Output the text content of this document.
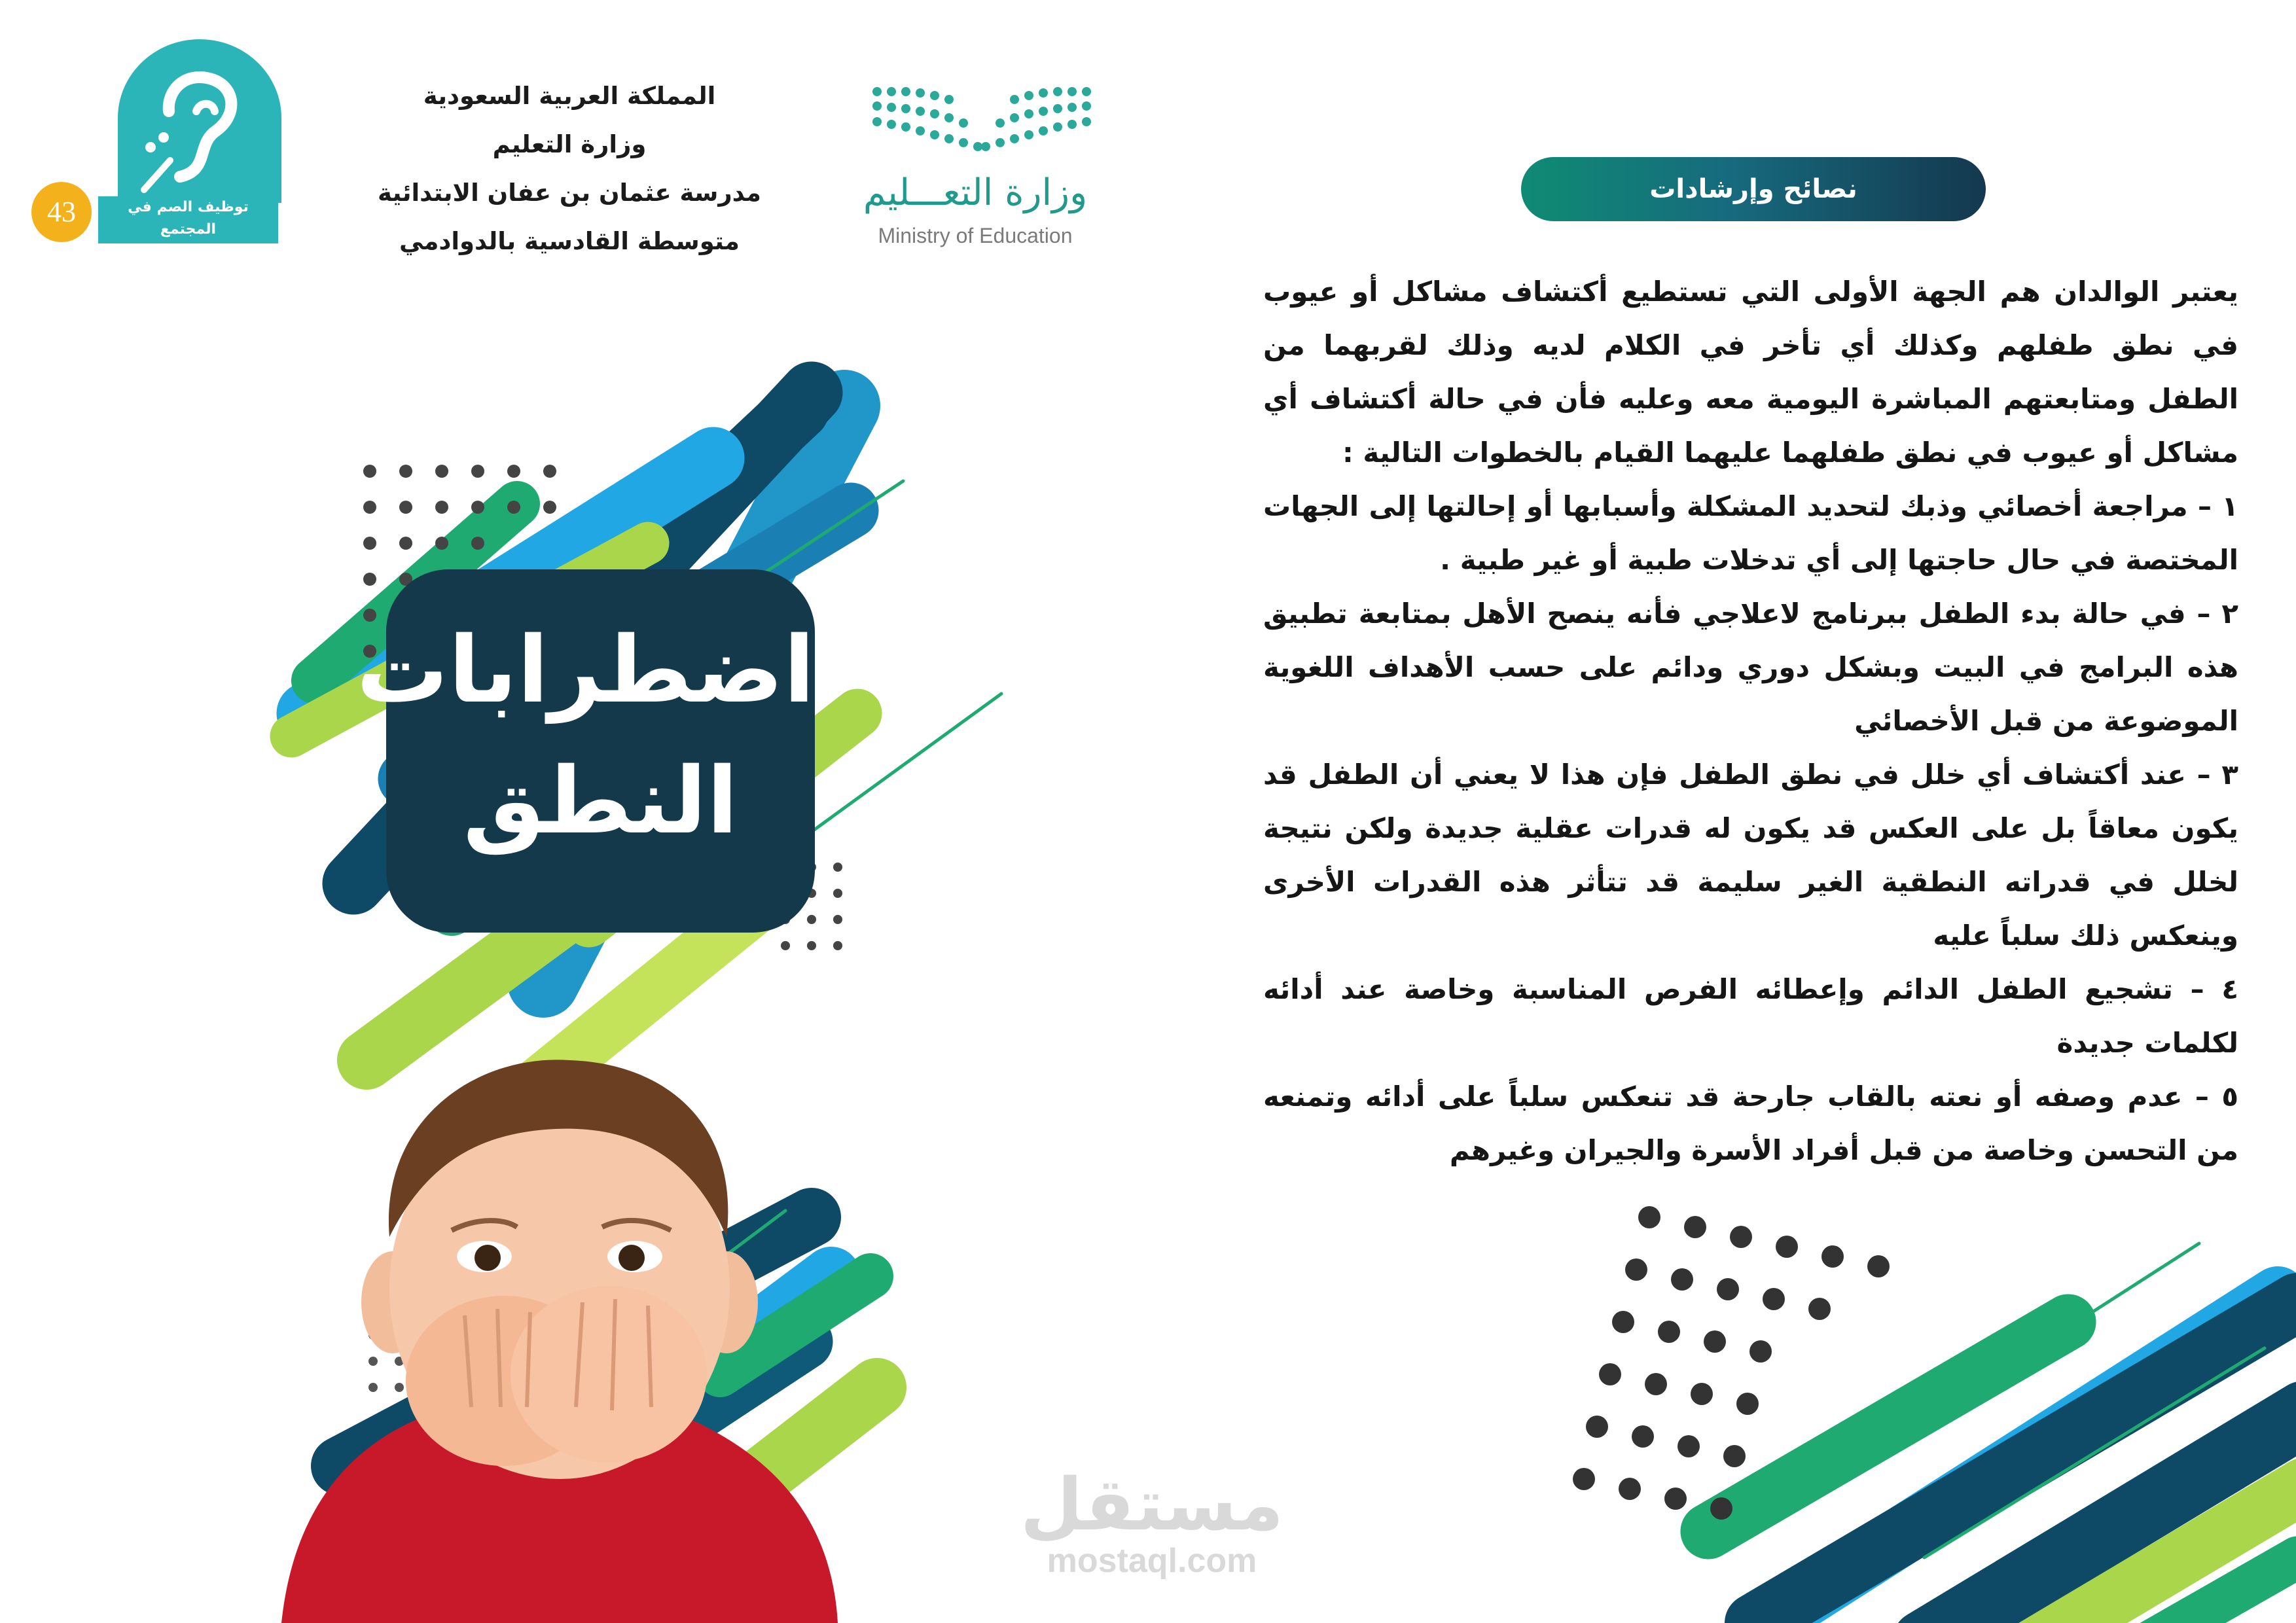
المملكة العربية السعودية
وزارة التعليم
مدرسة عثمان بن عفان الابتدائية
متوسطة القادسية بالدوادمي
وزارة التعـــليم
Ministry of Education
توظيف الصم في المجتمع
والحد من بطالتهم
43
اضطرابات
النطق
نصائح وإرشادات

يعتبر الوالدان هم الجهة الأولى التي تستطيع أكتشاف مشاكل أو عيوب في نطق طفلهم وكذلك أي تأخر في الكلام لديه وذلك لقربهما من الطفل ومتابعتهم المباشرة اليومية معه وعليه فأن في حالة أكتشاف أي مشاكل أو عيوب في نطق طفلهما عليهما القيام بالخطوات التالية :

١ – مراجعة أخصائي وذبك لتحديد المشكلة وأسبابها أو إحالتها إلى الجهات المختصة في حال حاجتها إلى أي تدخلات طبية أو غير طبية .

٢ – في حالة بدء الطفل ببرنامج لاعلاجي فأنه ينصح الأهل بمتابعة تطبيق هذه البرامج في البيت وبشكل دوري ودائم على حسب الأهداف اللغوية الموضوعة من قبل الأخصائي

٣ – عند أكتشاف أي خلل في نطق الطفل فإن هذا لا يعني أن الطفل قد يكون معاقاً بل على العكس قد يكون له قدرات عقلية جديدة ولكن نتيجة لخلل في قدراته النطقية الغير سليمة قد تتأثر هذه القدرات الأخرى وينعكس ذلك سلباً عليه

٤ – تشجيع الطفل الدائم وإعطائه الفرص المناسبة وخاصة عند أدائه لكلمات جديدة

٥ – عدم وصفه أو نعته بالقاب جارحة قد تنعكس سلباً على أدائه وتمنعه من التحسن وخاصة من قبل أفراد الأسرة والجيران وغيرهم

مستقل
mostaql.com
